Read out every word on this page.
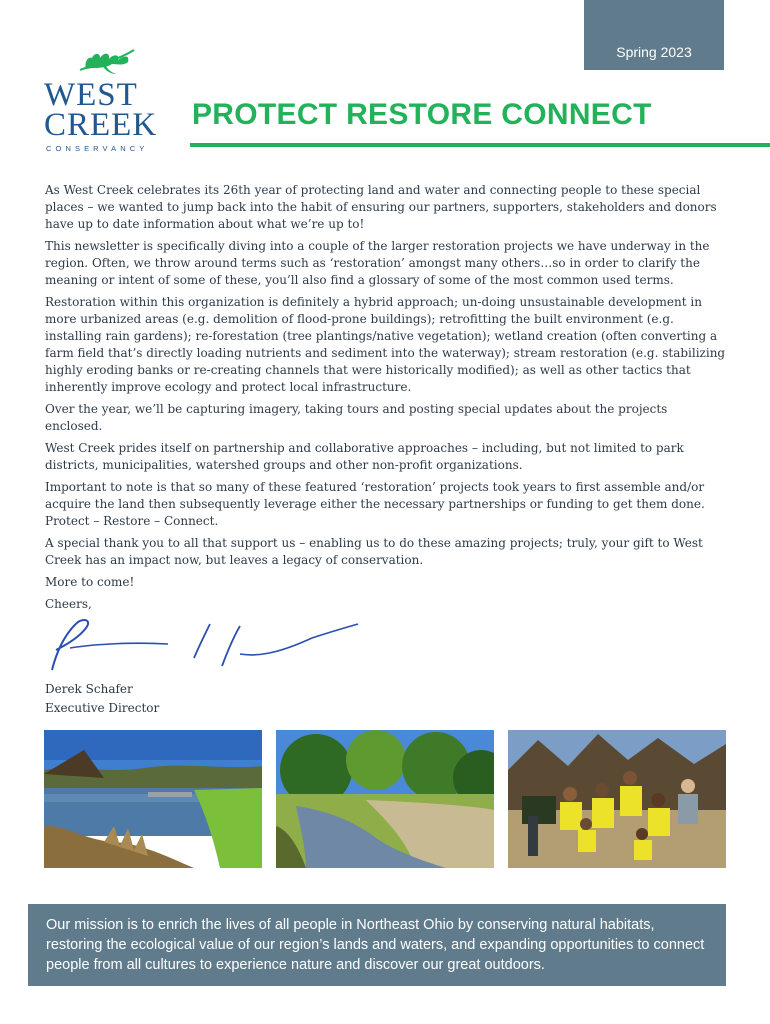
Spring 2023
WEST
CREEK
CONSERVANCY
PROTECT RESTORE CONNECT

As West Creek celebrates its 26th year of protecting land and water and connecting people to these special places – we wanted to jump back into the habit of ensuring our partners, supporters, stakeholders and donors have up to date information about what we’re up to!

This newsletter is specifically diving into a couple of the larger restoration projects we have underway in the region. Often, we throw around terms such as ‘restoration’ amongst many others…so in order to clarify the meaning or intent of some of these, you’ll also find a glossary of some of the most common used terms.

Restoration within this organization is definitely a hybrid approach; un-doing unsustainable development in more urbanized areas (e.g. demolition of flood-prone buildings); retrofitting the built environment (e.g. installing rain gardens); re-forestation (tree plantings/native vegetation); wetland creation (often converting a farm field that’s directly loading nutrients and sediment into the waterway); stream restoration (e.g. stabilizing highly eroding banks or re-creating channels that were historically modified); as well as other tactics that inherently improve ecology and protect local infrastructure.

Over the year, we’ll be capturing imagery, taking tours and posting special updates about the projects enclosed.

West Creek prides itself on partnership and collaborative approaches – including, but not limited to park districts, municipalities, watershed groups and other non-profit organizations.

Important to note is that so many of these featured ‘restoration’ projects took years to first assemble and/or acquire the land then subsequently leverage either the necessary partnerships or funding to get them done. Protect – Restore – Connect.

A special thank you to all that support us – enabling us to do these amazing projects; truly, your gift to West Creek has an impact now, but leaves a legacy of conservation.

More to come!

Cheers,

Derek Schafer
Executive Director
Our mission is to enrich the lives of all people in Northeast Ohio by conserving natural habitats, restoring the ecological value of our region’s lands and waters, and expanding opportunities to connect people from all cultures to experience nature and discover our great outdoors.
